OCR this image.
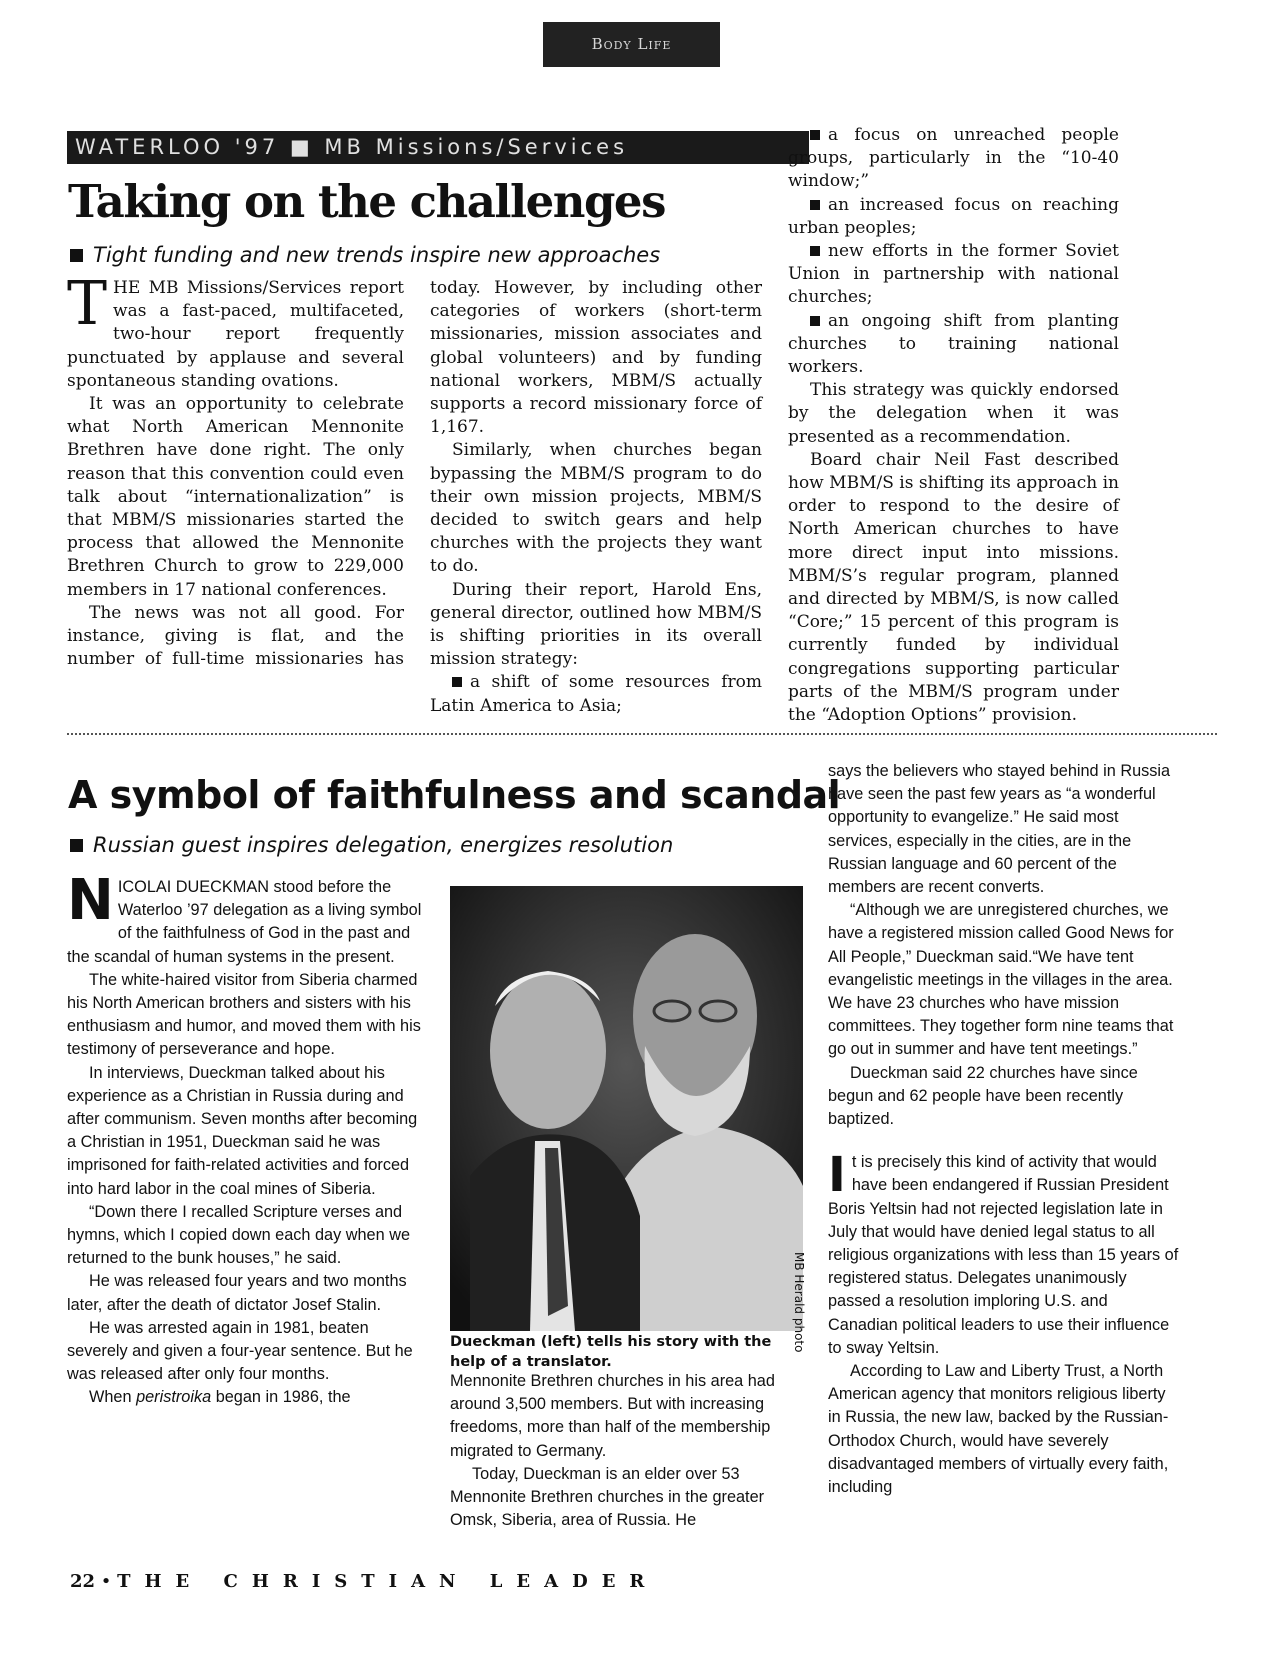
Body Life
WATERLOO '97 ■ MB Missions/Services
Taking on the challenges
Tight funding and new trends inspire new approaches

THE MB Missions/Services report was a fast-paced, multifaceted, two-hour report frequently punctuated by applause and several spontaneous standing ovations.

It was an opportunity to celebrate what North American Mennonite Brethren have done right. The only reason that this convention could even talk about “internationalization” is that MBM/S missionaries started the process that allowed the Mennonite Brethren Church to grow to 229,000 members in 17 national conferences.

The news was not all good. For instance, giving is flat, and the number of full-time missionaries has

today. However, by including other categories of workers (short-term missionaries, mission associates and global volunteers) and by funding national workers, MBM/S actually supports a record missionary force of 1,167.

Similarly, when churches began bypassing the MBM/S program to do their own mission projects, MBM/S decided to switch gears and help churches with the projects they want to do.

During their report, Harold Ens, general director, outlined how MBM/S is shifting priorities in its overall mission strategy:

a shift of some resources from Latin America to Asia;

a focus on unreached people groups, particularly in the “10-40 window;”

an increased focus on reaching urban peoples;

new efforts in the former Soviet Union in partnership with national churches;

an ongoing shift from planting churches to training national workers.

This strategy was quickly endorsed by the delegation when it was presented as a recommendation.

Board chair Neil Fast described how MBM/S is shifting its approach in order to respond to the desire of North American churches to have more direct input into missions. MBM/S’s regular program, planned and directed by MBM/S, is now called “Core;” 15 percent of this program is currently funded by individual congregations supporting particular parts of the MBM/S program under the “Adoption Options” provision.

A symbol of faithfulness and scandal
Russian guest inspires delegation, energizes resolution

NICOLAI DUECKMAN stood before the Waterloo ’97 delegation as a living symbol of the faithfulness of God in the past and the scandal of human systems in the present.

The white-haired visitor from Siberia charmed his North American brothers and sisters with his enthusiasm and humor, and moved them with his testimony of perseverance and hope.

In interviews, Dueckman talked about his experience as a Christian in Russia during and after communism. Seven months after becoming a Christian in 1951, Dueckman said he was imprisoned for faith-related activities and forced into hard labor in the coal mines of Siberia.

“Down there I recalled Scripture verses and hymns, which I copied down each day when we returned to the bunk houses,” he said.

He was released four years and two months later, after the death of dictator Josef Stalin.

He was arrested again in 1981, beaten severely and given a four-year sentence. But he was released after only four months.

When peristroika began in 1986, the

Dueckman (left) tells his story with the help of a translator.
MB Herald photo

Mennonite Brethren churches in his area had around 3,500 members. But with increasing freedoms, more than half of the membership migrated to Germany.

Today, Dueckman is an elder over 53 Mennonite Brethren churches in the greater Omsk, Siberia, area of Russia. He

says the believers who stayed behind in Russia have seen the past few years as “a wonderful opportunity to evangelize.” He said most services, especially in the cities, are in the Russian language and 60 percent of the members are recent converts.

“Although we are unregistered churches, we have a registered mission called Good News for All People,” Dueckman said.“We have tent evangelistic meetings in the villages in the area. We have 23 churches who have mission committees. They together form nine teams that go out in summer and have tent meetings.”

Dueckman said 22 churches have since begun and 62 people have been recently baptized.

It is precisely this kind of activity that would have been endangered if Russian President Boris Yeltsin had not rejected legislation late in July that would have denied legal status to all religious organizations with less than 15 years of registered status. Delegates unanimously passed a resolution imploring U.S. and Canadian political leaders to use their influence to sway Yeltsin.

According to Law and Liberty Trust, a North American agency that monitors religious liberty in Russia, the new law, backed by the Russian-Orthodox Church, would have severely disadvantaged members of virtually every faith, including

22 • THE CHRISTIAN LEADER
